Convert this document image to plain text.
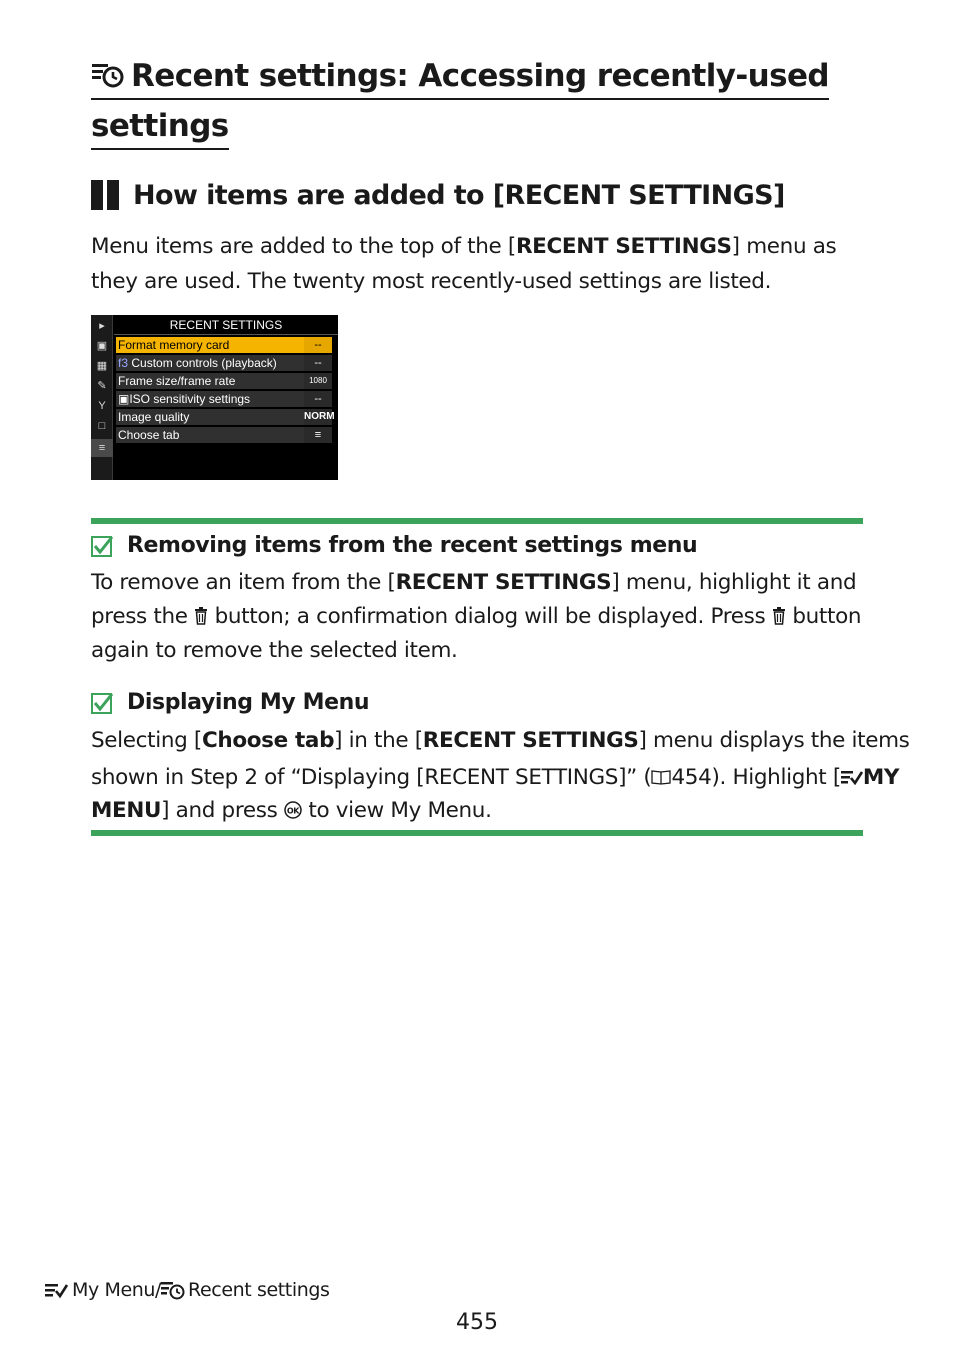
Recent settings: Accessing recently-used
settings
How items are added to [RECENT SETTINGS]
Menu items are added to the top of the [RECENT SETTINGS] menu as
they are used. The twenty most recently-used settings are listed.
▸
▣
▦
✎
Y
□
≡
RECENT SETTINGS
Format memory card	--
f3 Custom controls (playback)	--
Frame size/frame rate	1080
▣ISO sensitivity settings	--
Image quality	NORM
Choose tab	≡
Removing items from the recent settings menu
To remove an item from the [RECENT SETTINGS] menu, highlight it and
press the  button; a confirmation dialog will be displayed. Press  button
again to remove the selected item.
Displaying My Menu
Selecting [Choose tab] in the [RECENT SETTINGS] menu displays the items
shown in Step 2 of “Displaying [RECENT SETTINGS]” ( 454). Highlight [ MY
MENU] and press OK to view My Menu.
My Menu/ Recent settings
455
